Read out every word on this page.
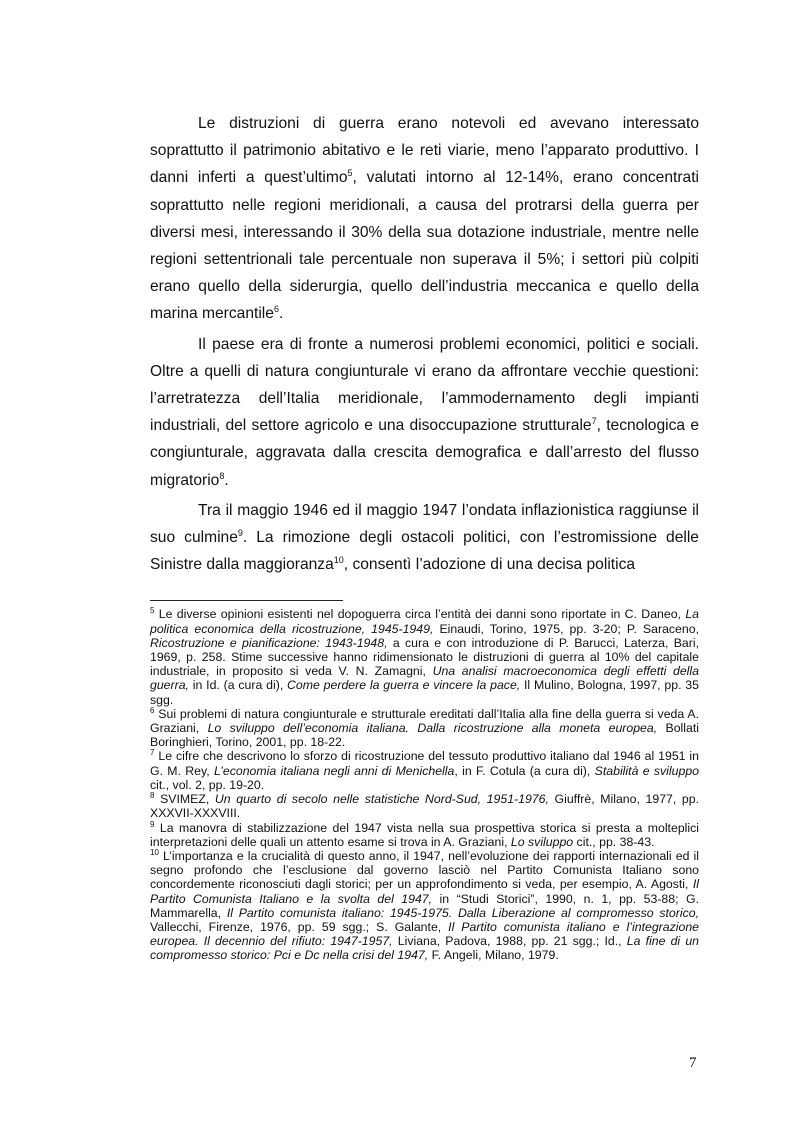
Le distruzioni di guerra erano notevoli ed avevano interessato soprattutto il patrimonio abitativo e le reti viarie, meno l’apparato produttivo. I danni inferti a quest’ultimo$^5$, valutati intorno al 12-14%, erano concentrati soprattutto nelle regioni meridionali, a causa del protrarsi della guerra per diversi mesi, interessando il 30% della sua dotazione industriale, mentre nelle regioni settentrionali tale percentuale non superava il 5%; i settori più colpiti erano quello della siderurgia, quello dell’industria meccanica e quello della marina mercantile$^6$.

Il paese era di fronte a numerosi problemi economici, politici e sociali. Oltre a quelli di natura congiunturale vi erano da affrontare vecchie questioni: l’arretratezza dell’Italia meridionale, l’ammodernamento degli impianti industriali, del settore agricolo e una disoccupazione strutturale$^7$, tecnologica e congiunturale, aggravata dalla crescita demografica e dall’arresto del flusso migratorio$^8$.

Tra il maggio 1946 ed il maggio 1947 l’ondata inflazionistica raggiunse il suo culmine$^9$. La rimozione degli ostacoli politici, con l’estromissione delle Sinistre dalla maggioranza$^{10}$, consentì l’adozione di una decisa politica

$^5$ Le diverse opinioni esistenti nel dopoguerra circa l’entità dei danni sono riportate in C. Daneo, La politica economica della ricostruzione, 1945-1949, Einaudi, Torino, 1975, pp. 3-20; P. Saraceno, Ricostruzione e pianificazione: 1943-1948, a cura e con introduzione di P. Barucci, Laterza, Bari, 1969, p. 258. Stime successive hanno ridimensionato le distruzioni di guerra al 10% del capitale industriale, in proposito si veda V. N. Zamagni, Una analisi macroeconomica degli effetti della guerra, in Id. (a cura di), Come perdere la guerra e vincere la pace, Il Mulino, Bologna, 1997, pp. 35 sgg.

$^6$ Sui problemi di natura congiunturale e strutturale ereditati dall’Italia alla fine della guerra si veda A. Graziani, Lo sviluppo dell’economia italiana. Dalla ricostruzione alla moneta europea, Bollati Boringhieri, Torino, 2001, pp. 18-22.

$^7$ Le cifre che descrivono lo sforzo di ricostruzione del tessuto produttivo italiano dal 1946 al 1951 in G. M. Rey, L’economia italiana negli anni di Menichella, in F. Cotula (a cura di), Stabilità e sviluppo cit., vol. 2, pp. 19-20.

$^8$ SVIMEZ, Un quarto di secolo nelle statistiche Nord-Sud, 1951-1976, Giuffrè, Milano, 1977, pp. XXXVII-XXXVIII.

$^9$ La manovra di stabilizzazione del 1947 vista nella sua prospettiva storica si presta a molteplici interpretazioni delle quali un attento esame si trova in A. Graziani, Lo sviluppo cit., pp. 38-43.

$^{10}$ L’importanza e la crucialità di questo anno, il 1947, nell’evoluzione dei rapporti internazionali ed il segno profondo che l’esclusione dal governo lasciò nel Partito Comunista Italiano sono concordemente riconosciuti dagli storici; per un approfondimento si veda, per esempio, A. Agosti, Il Partito Comunista Italiano e la svolta del 1947, in “Studi Storici”, 1990, n. 1, pp. 53-88; G. Mammarella, Il Partito comunista italiano: 1945-1975. Dalla Liberazione al compromesso storico, Vallecchi, Firenze, 1976, pp. 59 sgg.; S. Galante, Il Partito comunista italiano e l’integrazione europea. Il decennio del rifiuto: 1947-1957, Liviana, Padova, 1988, pp. 21 sgg.; Id., La fine di un compromesso storico: Pci e Dc nella crisi del 1947, F. Angeli, Milano, 1979.

7
